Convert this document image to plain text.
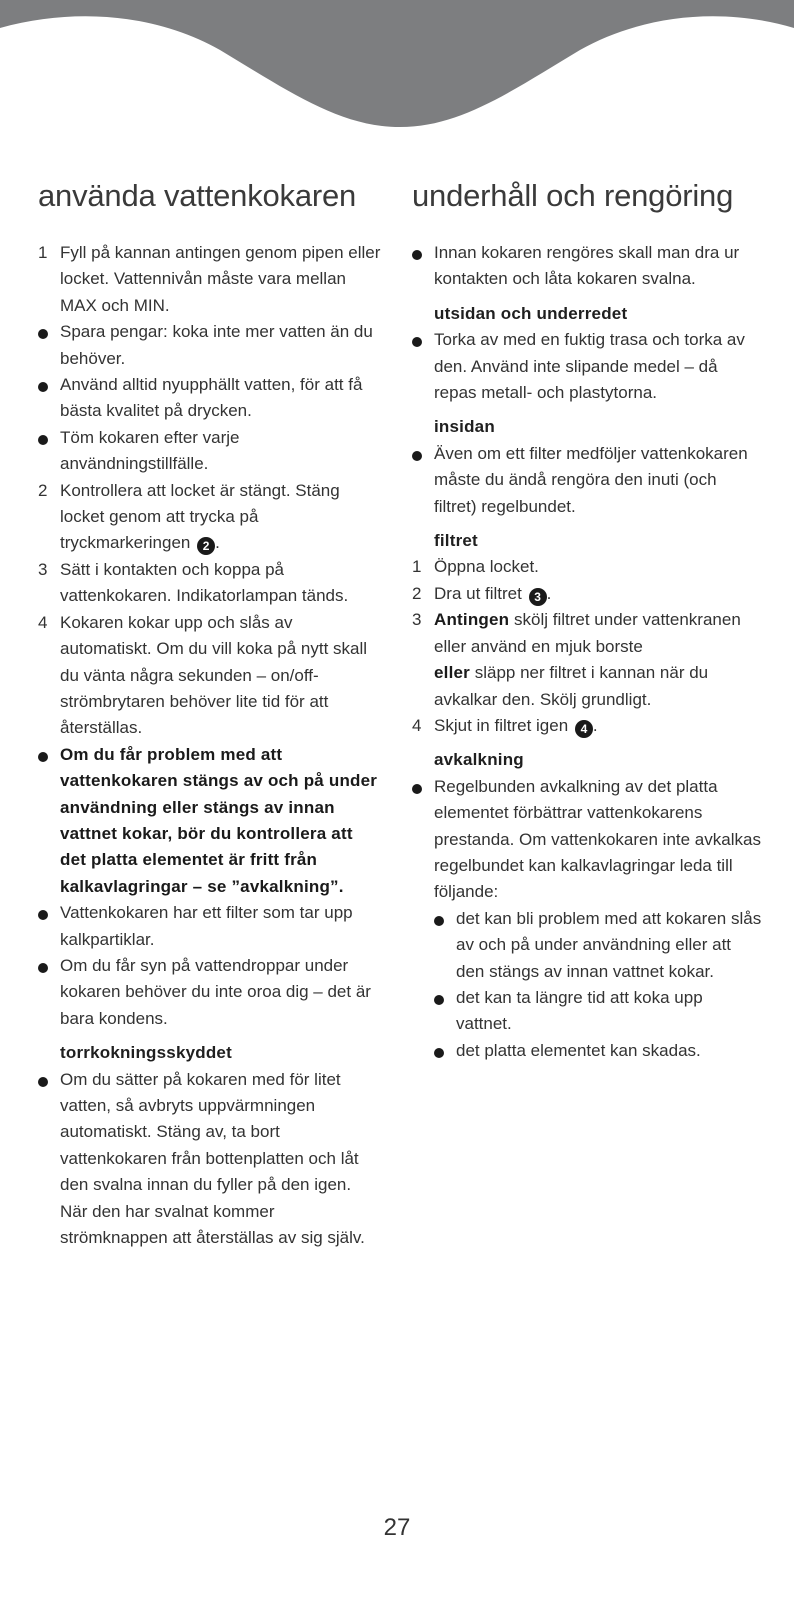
använda vattenkokaren
1 Fyll på kannan antingen genom pipen eller locket. Vattennivån måste vara mellan MAX och MIN.
Spara pengar: koka inte mer vatten än du behöver.
Använd alltid nyupphällt vatten, för att få bästa kvalitet på drycken.
Töm kokaren efter varje användningstillfälle.
2 Kontrollera att locket är stängt. Stäng locket genom att trycka på tryckmarkeringen 2 .
3 Sätt i kontakten och koppa på vattenkokaren. Indikatorlampan tänds.
4 Kokaren kokar upp och slås av automatiskt. Om du vill koka på nytt skall du vänta några sekunden – on/off-strömbrytaren behöver lite tid för att återställas.
Om du får problem med att vattenkokaren stängs av och på under användning eller stängs av innan vattnet kokar, bör du kontrollera att det platta elementet är fritt från kalkavlagringar – se ”avkalkning”.
Vattenkokaren har ett filter som tar upp kalkpartiklar.
Om du får syn på vattendroppar under kokaren behöver du inte oroa dig – det är bara kondens.
torrkokningsskyddet
Om du sätter på kokaren med för litet vatten, så avbryts uppvärmningen automatiskt. Stäng av, ta bort vattenkokaren från bottenplatten och låt den svalna innan du fyller på den igen. När den har svalnat kommer strömknappen att återställas av sig själv.
underhåll och rengöring
Innan kokaren rengöres skall man dra ur kontakten och låta kokaren svalna.
utsidan och underredet
Torka av med en fuktig trasa och torka av den. Använd inte slipande medel – då repas metall- och plastytorna.
insidan
Även om ett filter medföljer vattenkokaren måste du ändå rengöra den inuti (och filtret) regelbundet.
filtret
1 Öppna locket.
2 Dra ut filtret 3 .
3 Antingen skölj filtret under vattenkranen eller använd en mjuk borste
eller släpp ner filtret i kannan när du avkalkar den. Skölj grundligt.
4 Skjut in filtret igen 4 .
avkalkning
Regelbunden avkalkning av det platta elementet förbättrar vattenkokarens prestanda. Om vattenkokaren inte avkalkas regelbundet kan kalkavlagringar leda till följande:
det kan bli problem med att kokaren slås av och på under användning eller att den stängs av innan vattnet kokar.
det kan ta längre tid att koka upp vattnet.
det platta elementet kan skadas.
27
